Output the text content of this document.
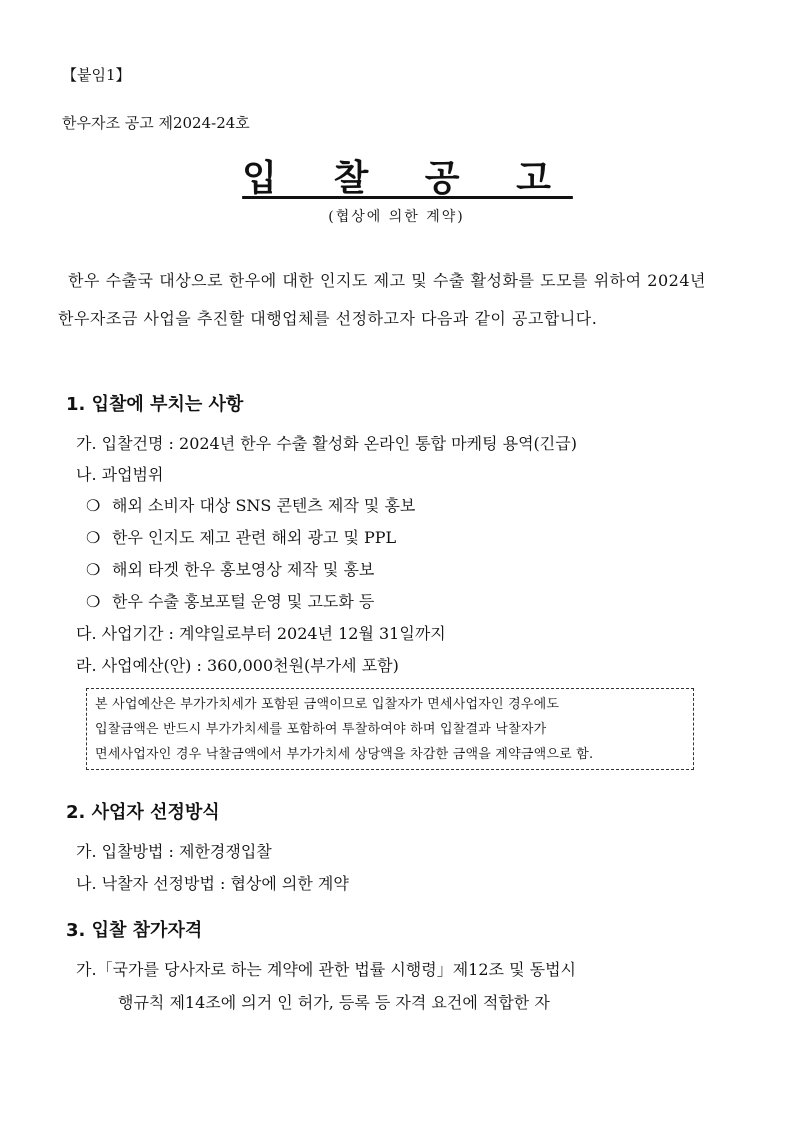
【붙임1】
한우자조 공고 제2024-24호
입 찰 공 고
(협상에 의한 계약)
한우 수출국 대상으로 한우에 대한 인지도 제고 및 수출 활성화를 도모를 위하여 2024년 한우자조금 사업을 추진할 대행업체를 선정하고자 다음과 같이 공고합니다.
1. 입찰에 부치는 사항
가. 입찰건명 : 2024년 한우 수출 활성화 온라인 통합 마케팅 용역(긴급)
나. 과업범위
❍ 해외 소비자 대상 SNS 콘텐츠 제작 및 홍보
❍ 한우 인지도 제고 관련 해외 광고 및 PPL
❍ 해외 타겟 한우 홍보영상 제작 및 홍보
❍ 한우 수출 홍보포털 운영 및 고도화 등
다. 사업기간 : 계약일로부터 2024년 12월 31일까지
라. 사업예산(안) : 360,000천원(부가세 포함)

본 사업예산은 부가가치세가 포함된 금액이므로 입찰자가 면세사업자인 경우에도

입찰금액은 반드시 부가가치세를 포함하여 투찰하여야 하며 입찰결과 낙찰자가

면세사업자인 경우 낙찰금액에서 부가가치세 상당액을 차감한 금액을 계약금액으로 함.

2. 사업자 선정방식
가. 입찰방법 : 제한경쟁입찰
나. 낙찰자 선정방법 : 협상에 의한 계약
3. 입찰 참가자격
가.「국가를 당사자로 하는 계약에 관한 법률 시행령」제12조 및 동법시
행규칙 제14조에 의거 인 허가, 등록 등 자격 요건에 적합한 자
